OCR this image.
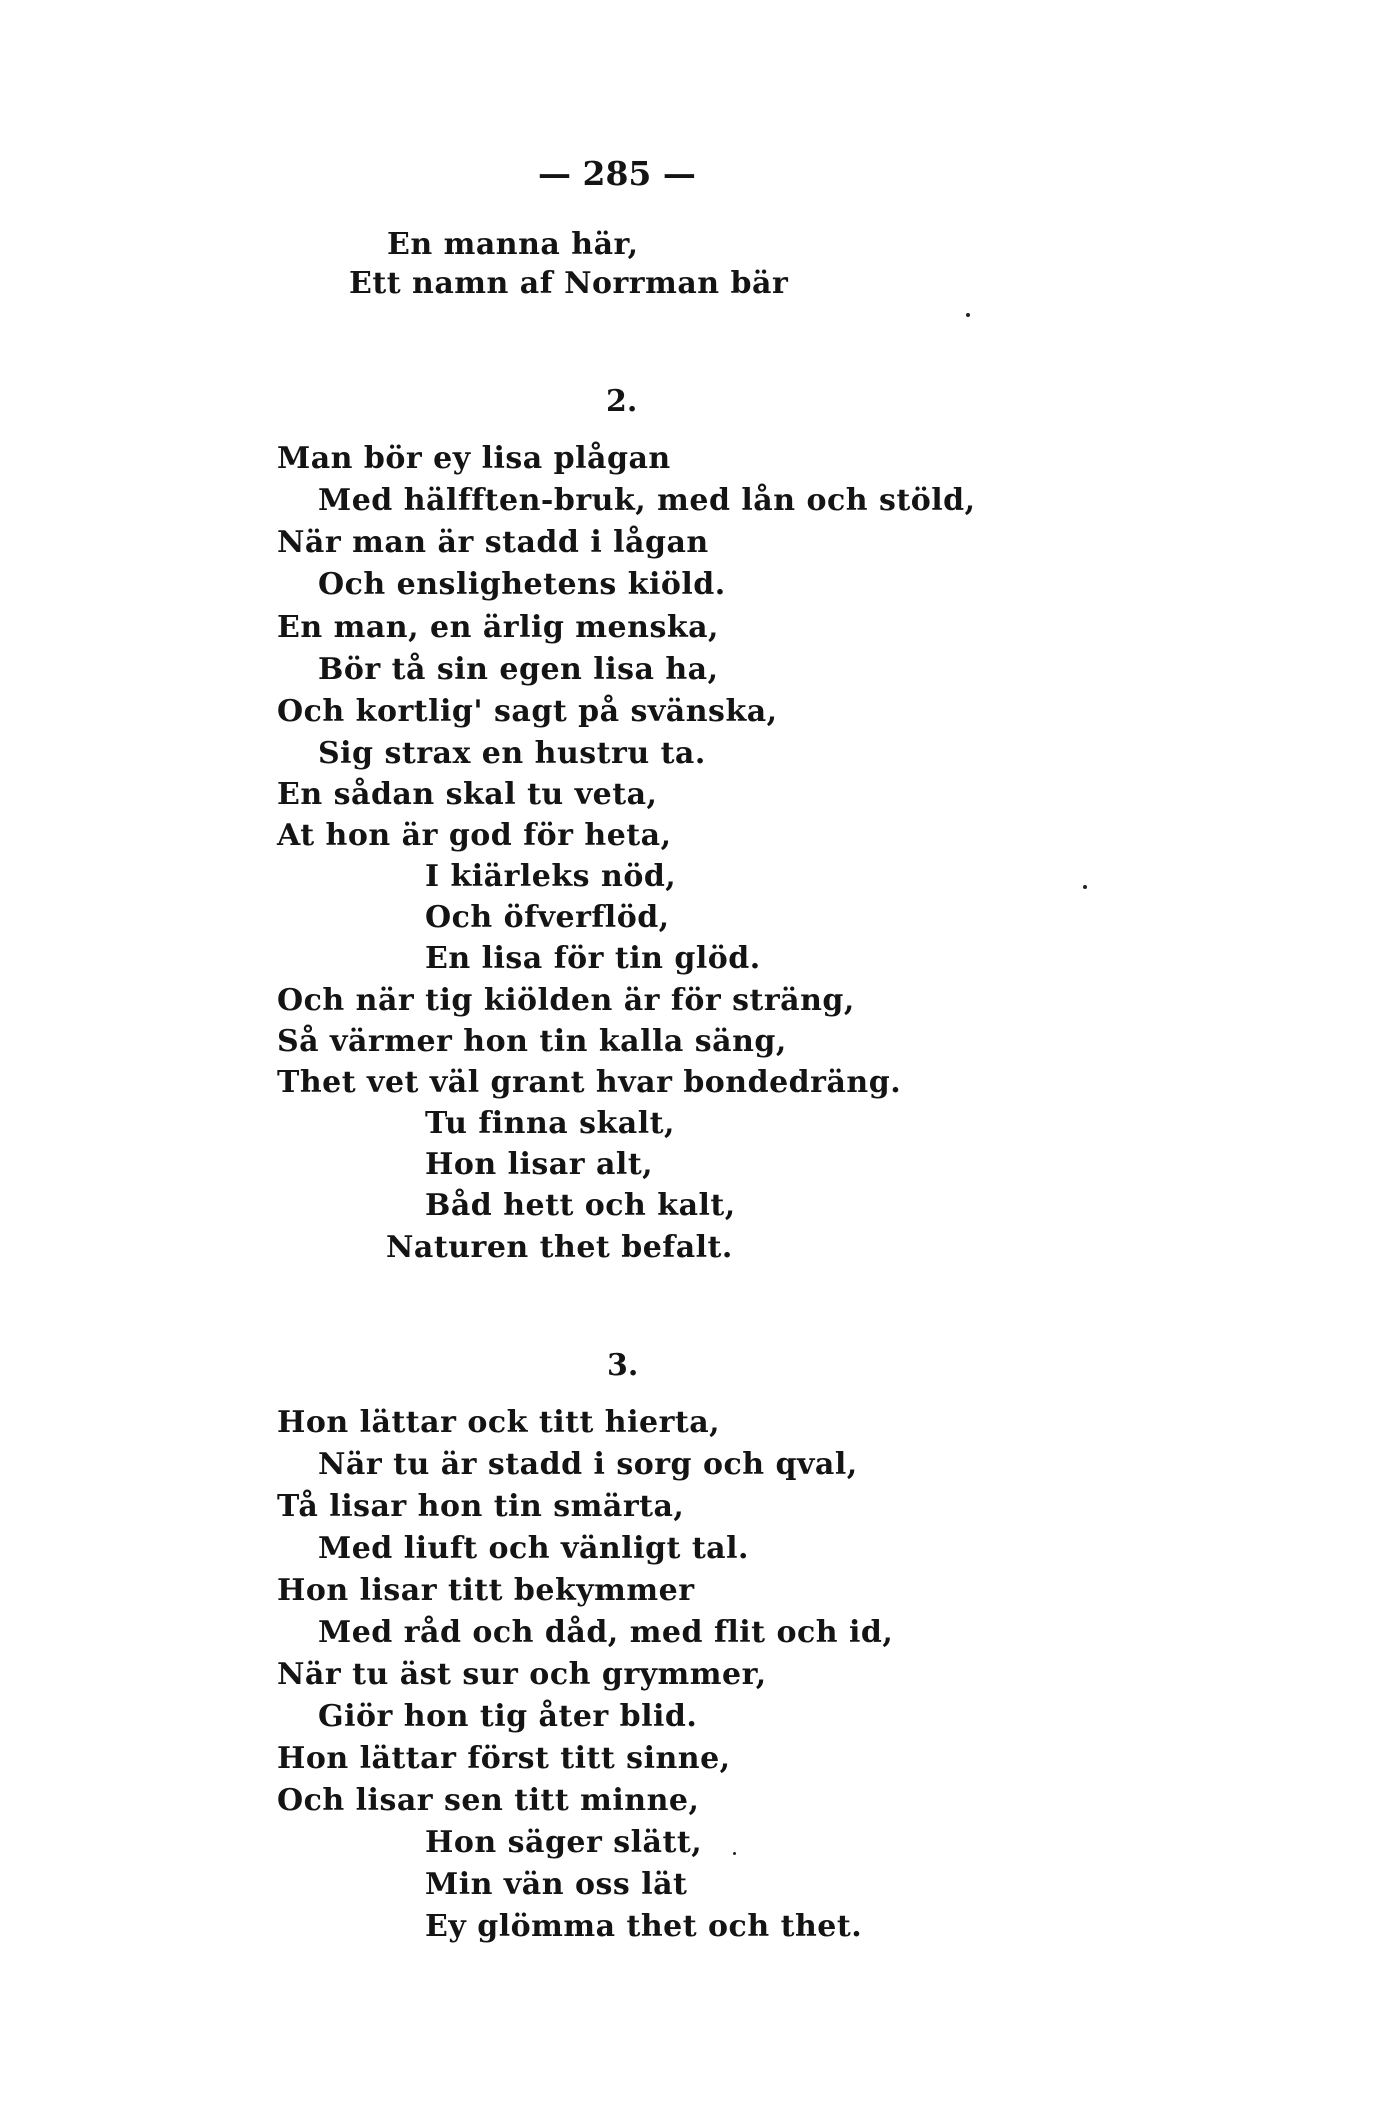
— 285 —
En manna här,
Ett namn af Norrman bär
2.
Man bör ey lisa plågan
Med hälfften-bruk, med lån och stöld,
När man är stadd i lågan
Och enslighetens kiöld.
En man, en ärlig menska,
Bör tå sin egen lisa ha,
Och kortlig' sagt på svänska,
Sig strax en hustru ta.
En sådan skal tu veta,
At hon är god för heta,
I kiärleks nöd,
Och öfverflöd,
En lisa för tin glöd.
Och när tig kiölden är för sträng,
Så värmer hon tin kalla säng,
Thet vet väl grant hvar bondedräng.
Tu finna skalt,
Hon lisar alt,
Båd hett och kalt,
Naturen thet befalt.
3.
Hon lättar ock titt hierta,
När tu är stadd i sorg och qval,
Tå lisar hon tin smärta,
Med liuft och vänligt tal.
Hon lisar titt bekymmer
Med råd och dåd, med flit och id,
När tu äst sur och grymmer,
Giör hon tig åter blid.
Hon lättar först titt sinne,
Och lisar sen titt minne,
Hon säger slätt,
Min vän oss lät
Ey glömma thet och thet.
